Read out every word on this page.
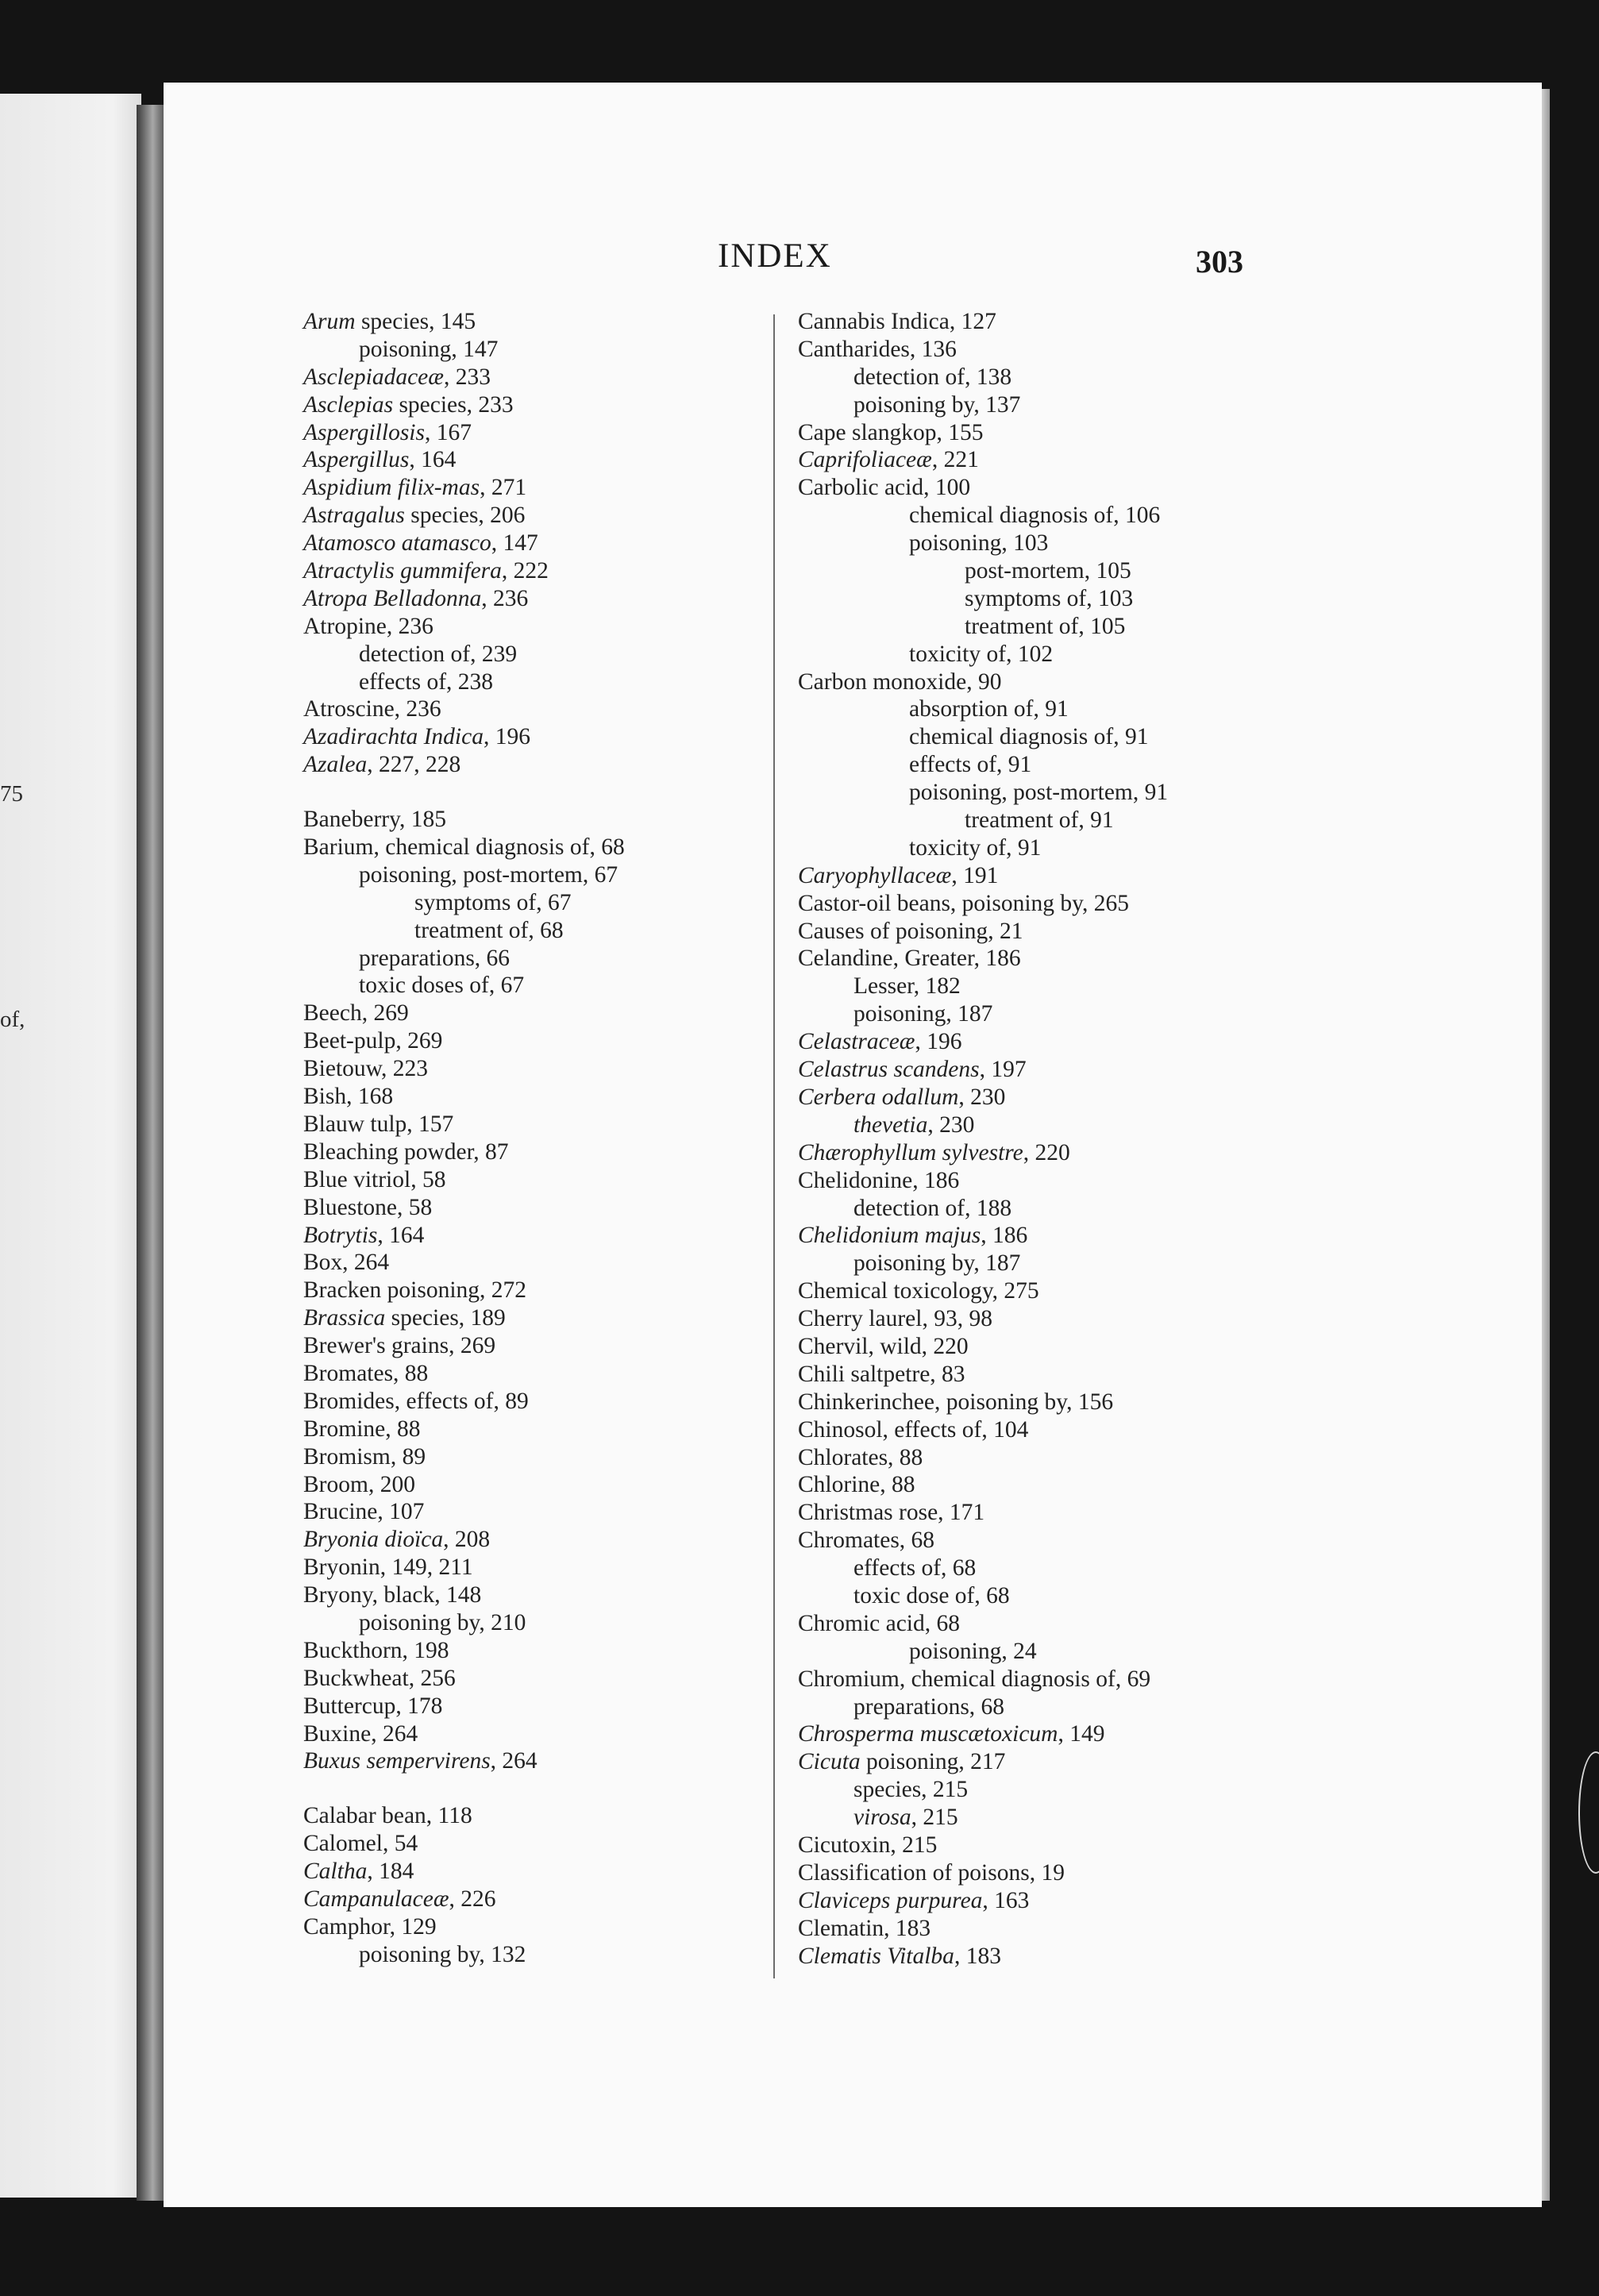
75
of,
INDEX	303
Arum species, 145
poisoning, 147
Asclepiadaceæ, 233
Asclepias species, 233
Aspergillosis, 167
Aspergillus, 164
Aspidium filix-mas, 271
Astragalus species, 206
Atamosco atamasco, 147
Atractylis gummifera, 222
Atropa Belladonna, 236
Atropine, 236
detection of, 239
effects of, 238
Atroscine, 236
Azadirachta Indica, 196
Azalea, 227, 228
Baneberry, 185
Barium, chemical diagnosis of, 68
poisoning, post-mortem, 67
symptoms of, 67
treatment of, 68
preparations, 66
toxic doses of, 67
Beech, 269
Beet-pulp, 269
Bietouw, 223
Bish, 168
Blauw tulp, 157
Bleaching powder, 87
Blue vitriol, 58
Bluestone, 58
Botrytis, 164
Box, 264
Bracken poisoning, 272
Brassica species, 189
Brewer's grains, 269
Bromates, 88
Bromides, effects of, 89
Bromine, 88
Bromism, 89
Broom, 200
Brucine, 107
Bryonia dioïca, 208
Bryonin, 149, 211
Bryony, black, 148
poisoning by, 210
Buckthorn, 198
Buckwheat, 256
Buttercup, 178
Buxine, 264
Buxus sempervirens, 264
Calabar bean, 118
Calomel, 54
Caltha, 184
Campanulaceæ, 226
Camphor, 129
poisoning by, 132
Cannabis Indica, 127
Cantharides, 136
detection of, 138
poisoning by, 137
Cape slangkop, 155
Caprifoliaceæ, 221
Carbolic acid, 100
chemical diagnosis of, 106
poisoning, 103
post-mortem, 105
symptoms of, 103
treatment of, 105
toxicity of, 102
Carbon monoxide, 90
absorption of, 91
chemical diagnosis of, 91
effects of, 91
poisoning, post-mortem, 91
treatment of, 91
toxicity of, 91
Caryophyllaceæ, 191
Castor-oil beans, poisoning by, 265
Causes of poisoning, 21
Celandine, Greater, 186
Lesser, 182
poisoning, 187
Celastraceæ, 196
Celastrus scandens, 197
Cerbera odallum, 230
thevetia, 230
Chærophyllum sylvestre, 220
Chelidonine, 186
detection of, 188
Chelidonium majus, 186
poisoning by, 187
Chemical toxicology, 275
Cherry laurel, 93, 98
Chervil, wild, 220
Chili saltpetre, 83
Chinkerinchee, poisoning by, 156
Chinosol, effects of, 104
Chlorates, 88
Chlorine, 88
Christmas rose, 171
Chromates, 68
effects of, 68
toxic dose of, 68
Chromic acid, 68
poisoning, 24
Chromium, chemical diagnosis of, 69
preparations, 68
Chrosperma muscætoxicum, 149
Cicuta poisoning, 217
species, 215
virosa, 215
Cicutoxin, 215
Classification of poisons, 19
Claviceps purpurea, 163
Clematin, 183
Clematis Vitalba, 183
